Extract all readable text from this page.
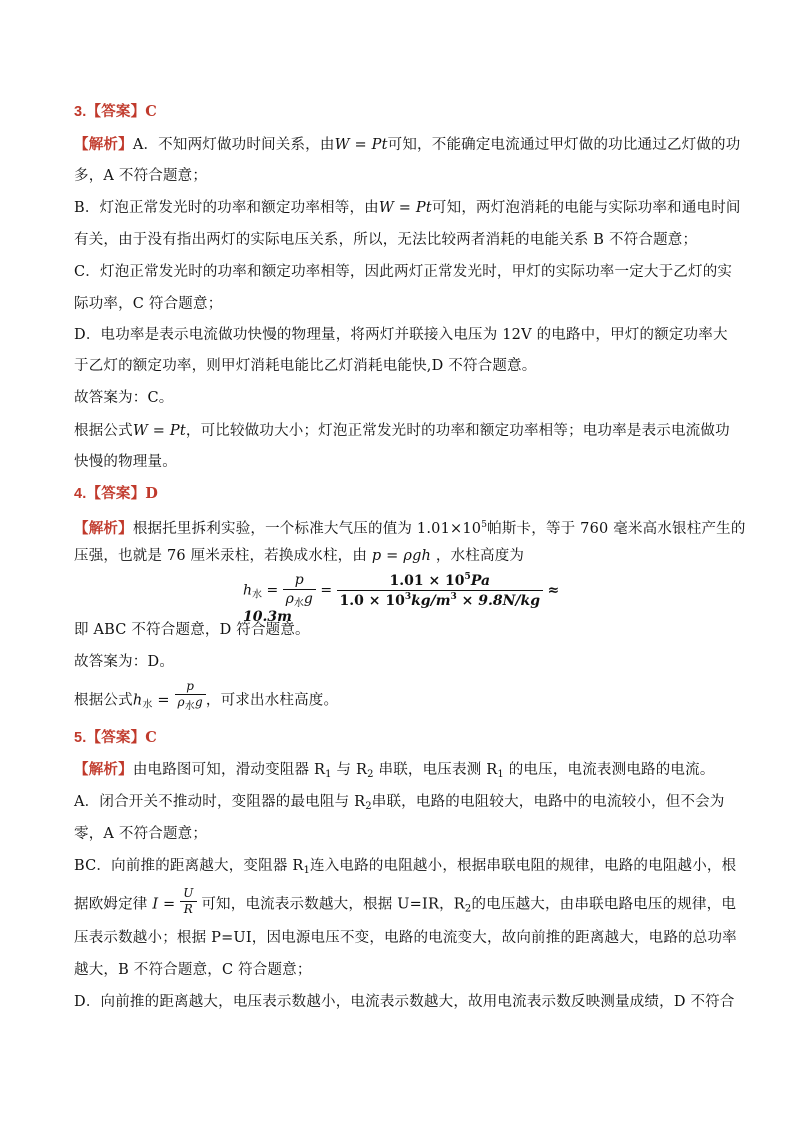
3.【答案】C
【解析】A．不知两灯做功时间关系，由W = Pt可知，不能确定电流通过甲灯做的功比通过乙灯做的功
多，A 不符合题意；
B．灯泡正常发光时的功率和额定功率相等，由W = Pt可知，两灯泡消耗的电能与实际功率和通电时间
有关，由于没有指出两灯的实际电压关系，所以，无法比较两者消耗的电能关系 B 不符合题意；
C．灯泡正常发光时的功率和额定功率相等，因此两灯正常发光时，甲灯的实际功率一定大于乙灯的实
际功率，C 符合题意；
D．电功率是表示电流做功快慢的物理量，将两灯并联接入电压为 12V 的电路中，甲灯的额定功率大
于乙灯的额定功率，则甲灯消耗电能比乙灯消耗电能快,D 不符合题意。
故答案为：C。
根据公式W = Pt，可比较做功大小；灯泡正常发光时的功率和额定功率相等；电功率是表示电流做功
快慢的物理量。
4.【答案】D
【解析】根据托里拆利实验，一个标准大气压的值为 $1.01\times 10^5$帕斯卡，等于 760 毫米高水银柱产生的
压强，也就是 76 厘米汞柱，若换成水柱，由 p = ρgh ，水柱高度为
$h_水 = \frac{p}{\rho_水g} = \frac{1.01 \times 10^5Pa}{1.0 \times 10^3kg/m^3 \times 9.8N/kg} \approx 10.3m$
即 ABC 不符合题意，D 符合题意。
故答案为：D。
根据公式$h_水 = \frac{p}{\rho_水g}$ ，可求出水柱高度。
5.【答案】C
【解析】由电路图可知，滑动变阻器 $R_1$ 与 $R_2$ 串联，电压表测 $R_1$ 的电压，电流表测电路的电流。
A．闭合开关不推动时，变阻器的最电阻与 $R_2$串联，电路的电阻较大，电路中的电流较小，但不会为
零，A 不符合题意；
BC．向前推的距离越大，变阻器 $R_1$连入电路的电阻越小，根据串联电阻的规律，电路的电阻越小，根
据欧姆定律 $I = \frac{U}{R}$ 可知，电流表示数越大，根据 U=IR，$R_2$的电压越大，由串联电路电压的规律，电
压表示数越小；根据 P=UI，因电源电压不变，电路的电流变大，故向前推的距离越大，电路的总功率
越大，B 不符合题意，C 符合题意；
D．向前推的距离越大，电压表示数越小，电流表示数越大，故用电流表示数反映测量成绩，D 不符合
